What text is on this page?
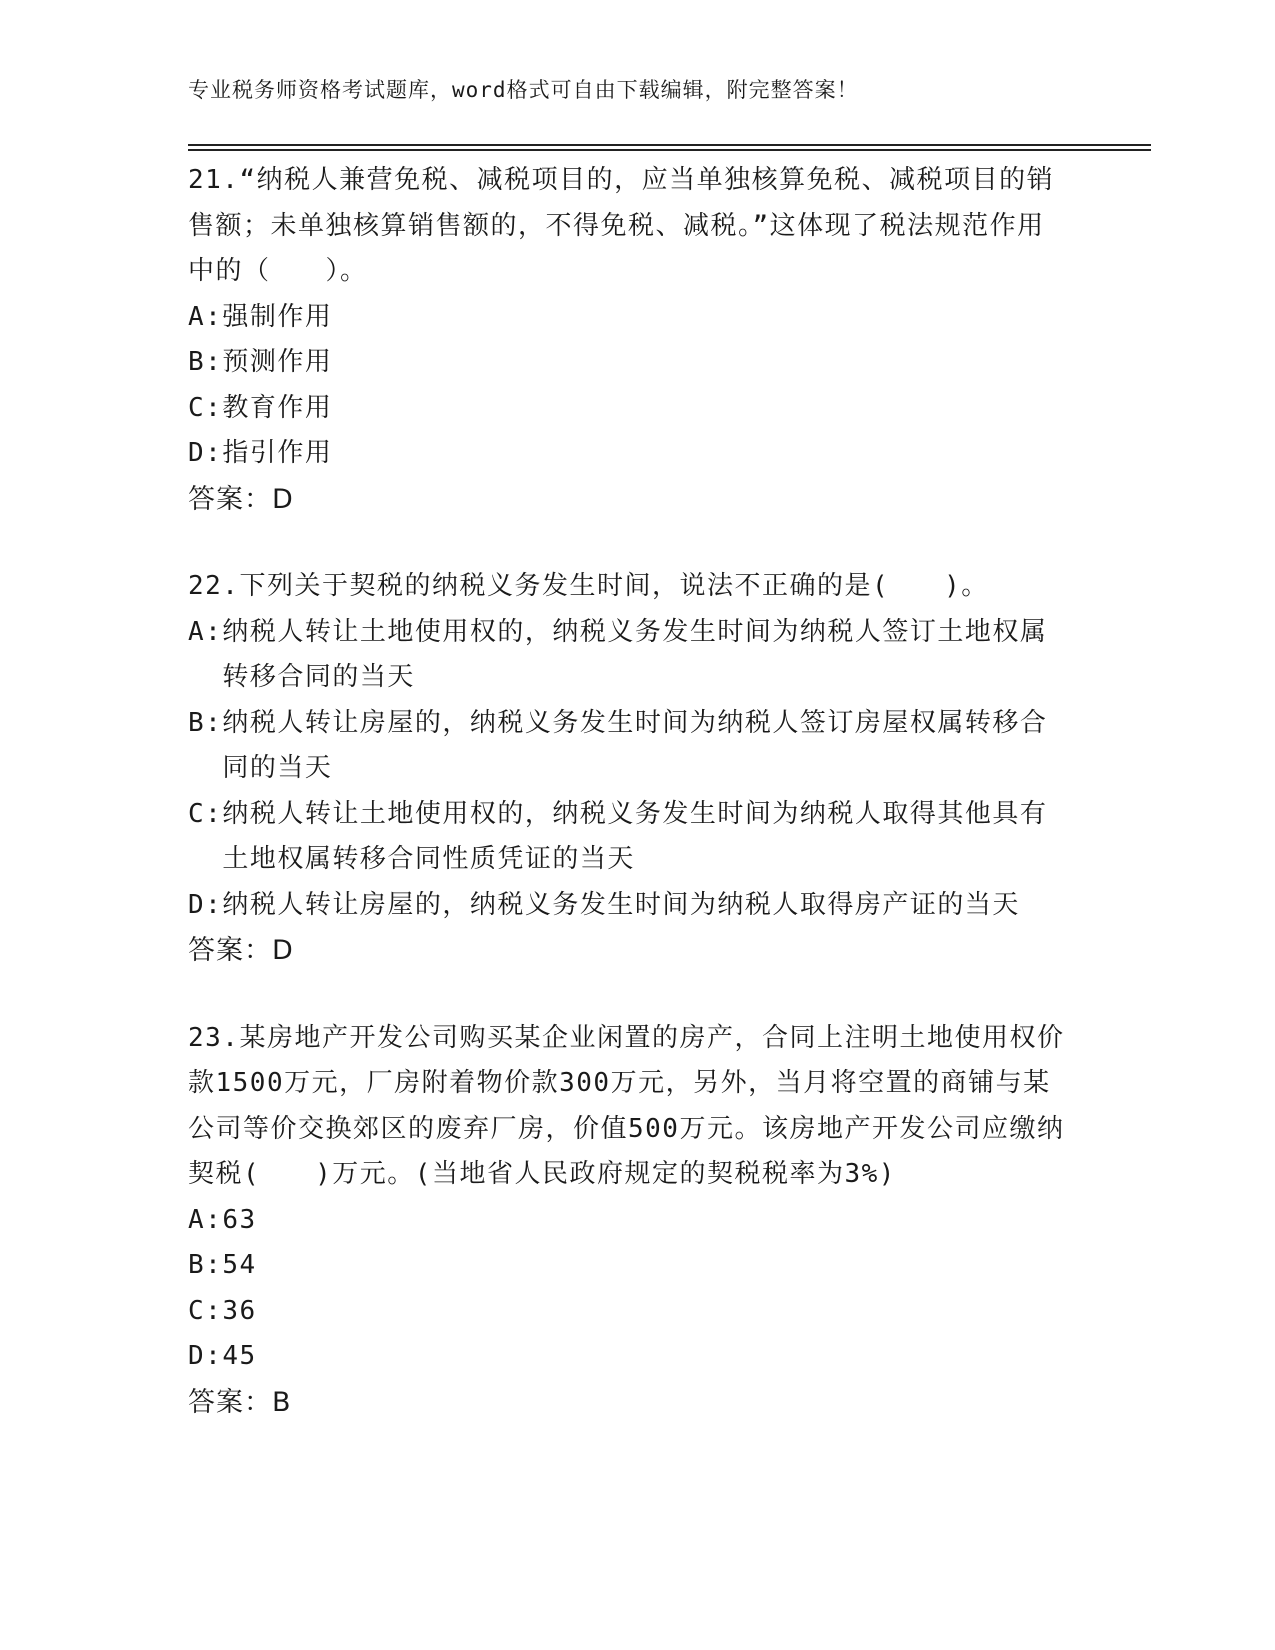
专业税务师资格考试题库，word格式可自由下载编辑，附完整答案！

21.“纳税人兼营免税、减税项目的，应当单独核算免税、减税项目的销售额；未单独核算销售额的，不得免税、减税。”这体现了税法规范作用中的（　　）。

A: 强制作用
B: 预测作用
C: 教育作用
D: 指引作用
答案：D

22.下列关于契税的纳税义务发生时间，说法不正确的是(　　)。

A: 纳税人转让土地使用权的，纳税义务发生时间为纳税人签订土地权属转移合同的当天
B: 纳税人转让房屋的，纳税义务发生时间为纳税人签订房屋权属转移合同的当天
C: 纳税人转让土地使用权的，纳税义务发生时间为纳税人取得其他具有土地权属转移合同性质凭证的当天
D: 纳税人转让房屋的，纳税义务发生时间为纳税人取得房产证的当天
答案：D

23.某房地产开发公司购买某企业闲置的房产，合同上注明土地使用权价款1500万元，厂房附着物价款300万元，另外，当月将空置的商铺与某公司等价交换郊区的废弃厂房，价值500万元。该房地产开发公司应缴纳契税(　　)万元。(当地省人民政府规定的契税税率为3%)

A: 63
B: 54
C: 36
D: 45
答案：B
